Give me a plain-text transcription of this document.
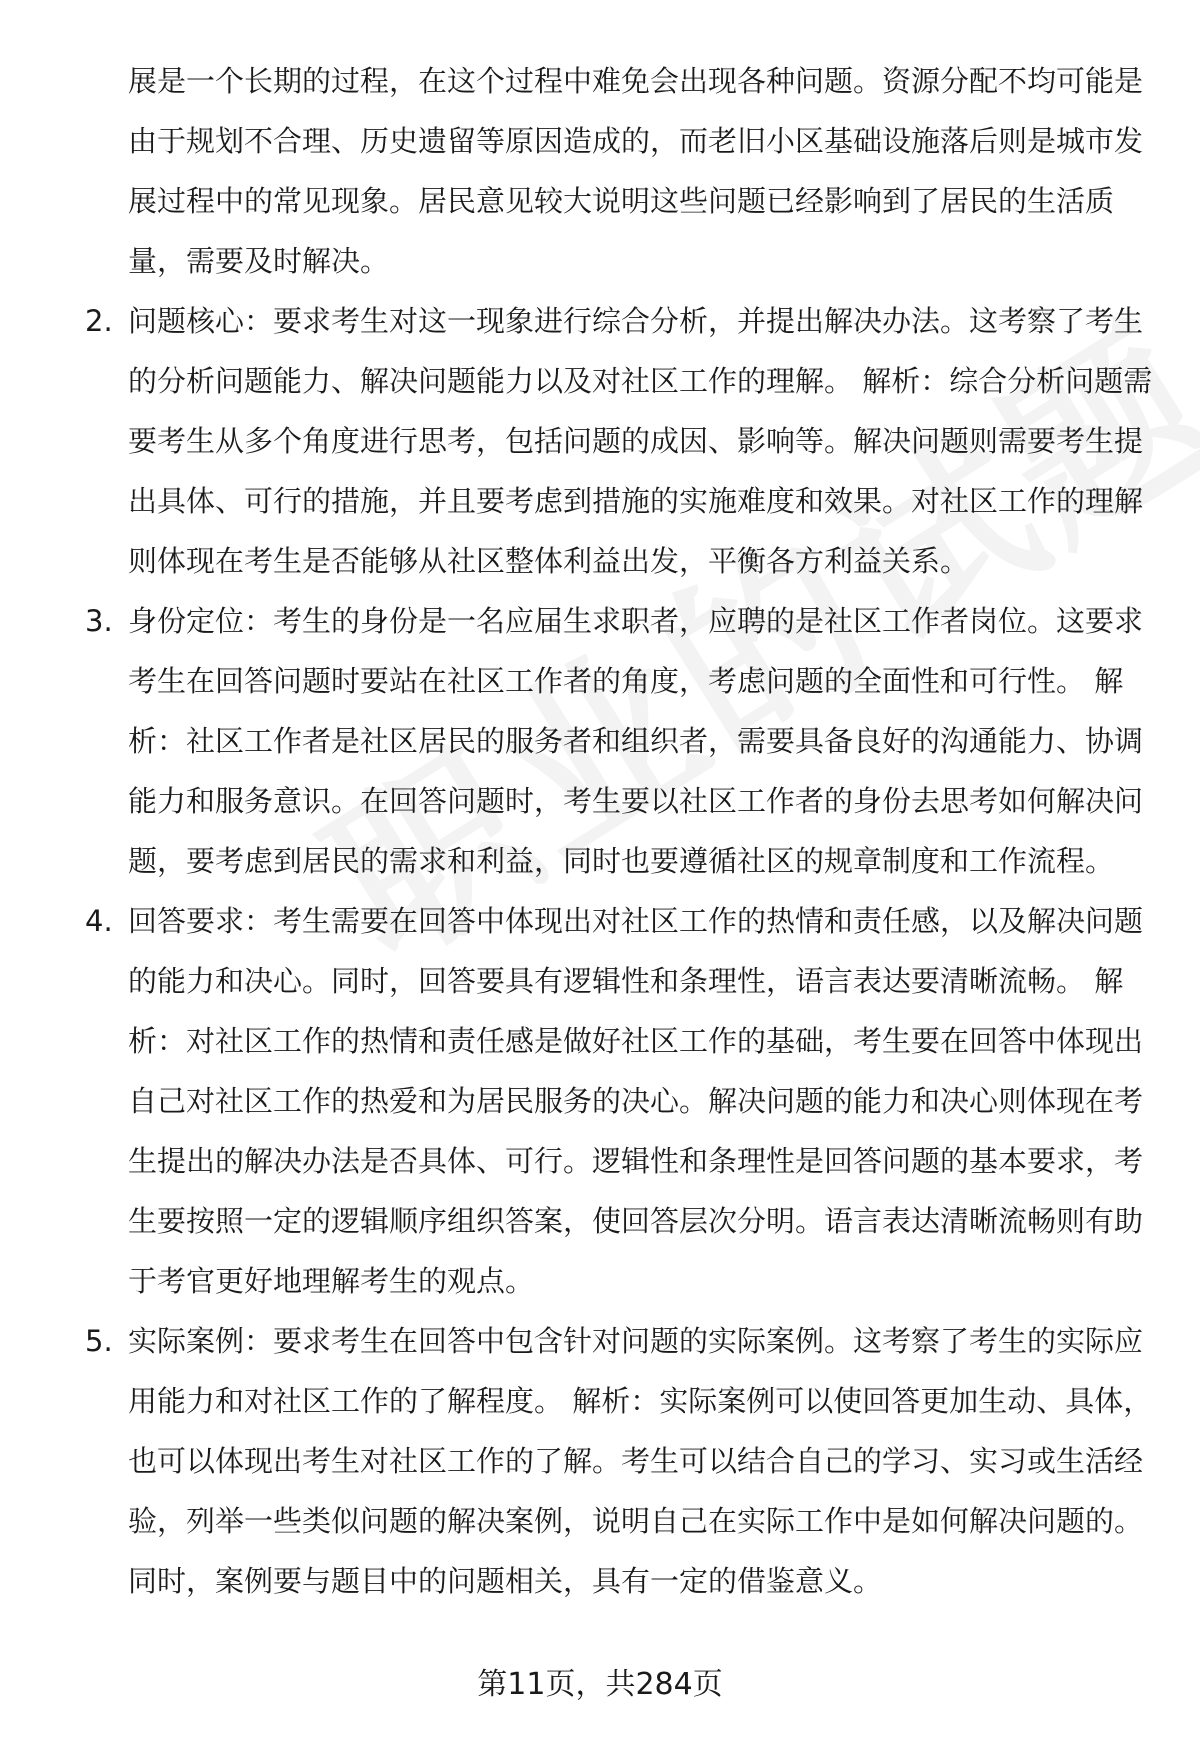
展是一个长期的过程，在这个过程中难免会出现各种问题。资源分配不均可能是由于规划不合理、历史遗留等原因造成的，而老旧小区基础设施落后则是城市发展过程中的常见现象。居民意见较大说明这些问题已经影响到了居民的生活质量，需要及时解决。

2. 问题核心：要求考生对这一现象进行综合分析，并提出解决办法。这考察了考生的分析问题能力、解决问题能力以及对社区工作的理解。 解析：综合分析问题需要考生从多个角度进行思考，包括问题的成因、影响等。解决问题则需要考生提出具体、可行的措施，并且要考虑到措施的实施难度和效果。对社区工作的理解则体现在考生是否能够从社区整体利益出发，平衡各方利益关系。
3. 身份定位：考生的身份是一名应届生求职者，应聘的是社区工作者岗位。这要求考生在回答问题时要站在社区工作者的角度，考虑问题的全面性和可行性。 解析：社区工作者是社区居民的服务者和组织者，需要具备良好的沟通能力、协调能力和服务意识。在回答问题时，考生要以社区工作者的身份去思考如何解决问题，要考虑到居民的需求和利益，同时也要遵循社区的规章制度和工作流程。
4. 回答要求：考生需要在回答中体现出对社区工作的热情和责任感，以及解决问题的能力和决心。同时，回答要具有逻辑性和条理性，语言表达要清晰流畅。 解析：对社区工作的热情和责任感是做好社区工作的基础，考生要在回答中体现出自己对社区工作的热爱和为居民服务的决心。解决问题的能力和决心则体现在考生提出的解决办法是否具体、可行。逻辑性和条理性是回答问题的基本要求，考生要按照一定的逻辑顺序组织答案，使回答层次分明。语言表达清晰流畅则有助于考官更好地理解考生的观点。
5. 实际案例：要求考生在回答中包含针对问题的实际案例。这考察了考生的实际应用能力和对社区工作的了解程度。 解析：实际案例可以使回答更加生动、具体，也可以体现出考生对社区工作的了解。考生可以结合自己的学习、实习或生活经验，列举一些类似问题的解决案例，说明自己在实际工作中是如何解决问题的。同时，案例要与题目中的问题相关，具有一定的借鉴意义。
第11页，共284页
